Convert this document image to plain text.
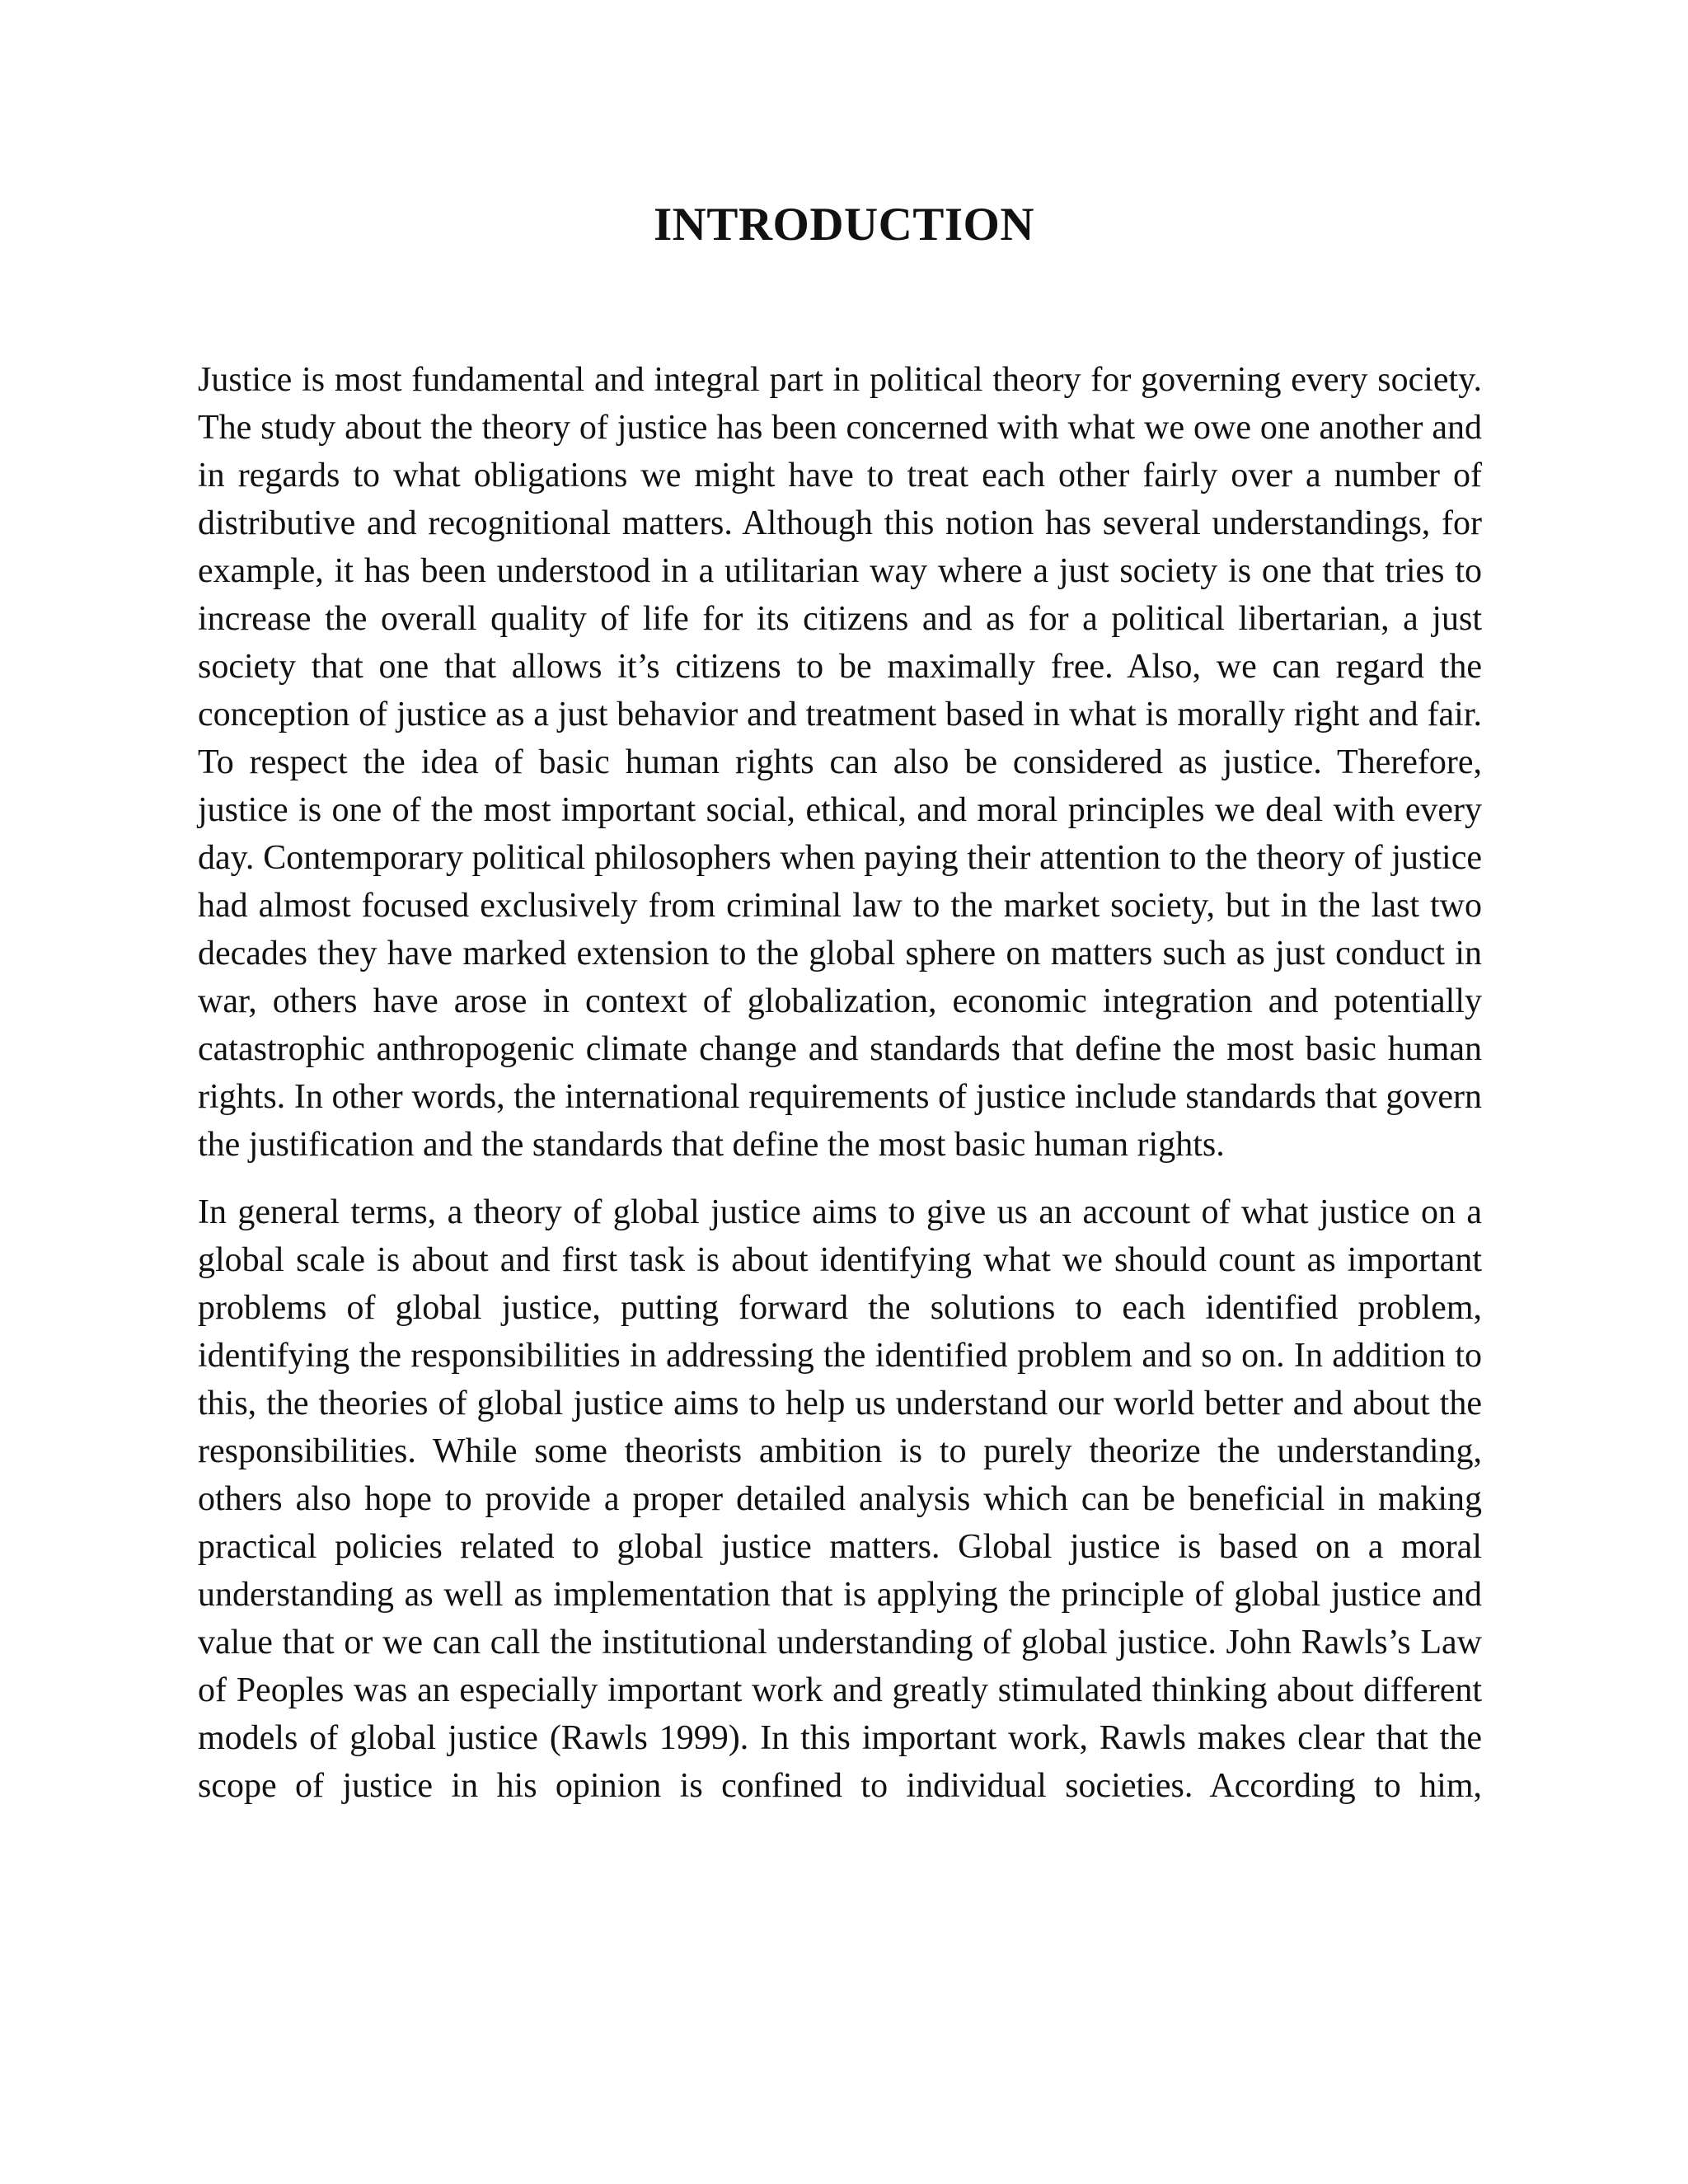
INTRODUCTION

Justice is most fundamental and integral part in political theory for governing every society. The study about the theory of justice has been concerned with what we owe one another and in regards to what obligations we might have to treat each other fairly over a number of distributive and recognitional matters. Although this notion has several understandings, for example, it has been understood in a utilitarian way where a just society is one that tries to increase the overall quality of life for its citizens and as for a political libertarian, a just society that one that allows it’s citizens to be maximally free. Also, we can regard the conception of justice as a just behavior and treatment based in what is morally right and fair. To respect the idea of basic human rights can also be considered as justice. Therefore, justice is one of the most important social, ethical, and moral principles we deal with every day. Contemporary political philosophers when paying their attention to the theory of justice had almost focused exclusively from criminal law to the market society, but in the last two decades they have marked extension to the global sphere on matters such as just conduct in war, others have arose in context of globalization, economic integration and potentially catastrophic anthropogenic climate change and standards that define the most basic human rights. In other words, the international requirements of justice include standards that govern the justification and the standards that define the most basic human rights.

In general terms, a theory of global justice aims to give us an account of what justice on a global scale is about and first task is about identifying what we should count as important problems of global justice, putting forward the solutions to each identified problem, identifying the responsibilities in addressing the identified problem and so on. In addition to this, the theories of global justice aims to help us understand our world better and about the responsibilities. While some theorists ambition is to purely theorize the understanding, others also hope to provide a proper detailed analysis which can be beneficial in making practical policies related to global justice matters. Global justice is based on a moral understanding as well as implementation that is applying the principle of global justice and value that or we can call the institutional understanding of global justice. John Rawls’s Law of Peoples was an especially important work and greatly stimulated thinking about different models of global justice (Rawls 1999). In this important work, Rawls makes clear that the scope of justice in his opinion is confined to individual societies. According to him,
